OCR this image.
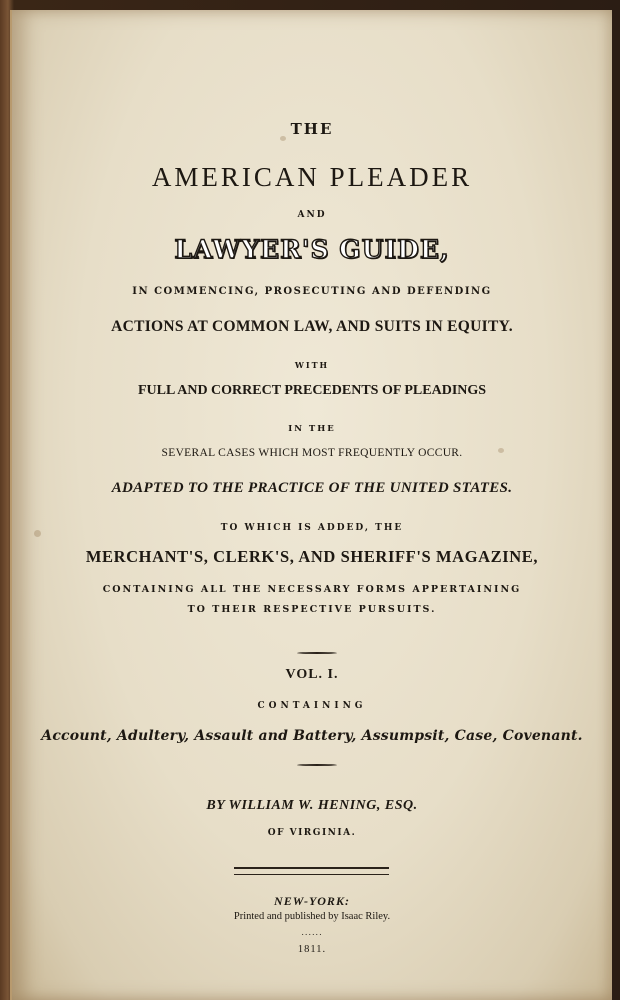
THE
AMERICAN PLEADER
AND
LAWYER'S GUIDE,
IN COMMENCING, PROSECUTING AND DEFENDING
ACTIONS AT COMMON LAW, AND SUITS IN EQUITY.
WITH
FULL AND CORRECT PRECEDENTS OF PLEADINGS
IN THE
SEVERAL CASES WHICH MOST FREQUENTLY OCCUR.
ADAPTED TO THE PRACTICE OF THE UNITED STATES.
TO WHICH IS ADDED, THE
MERCHANT'S, CLERK'S, AND SHERIFF'S MAGAZINE,
CONTAINING ALL THE NECESSARY FORMS APPERTAINING
TO THEIR RESPECTIVE PURSUITS.
VOL. I.
CONTAINING
Account, Adultery, Assault and Battery, Assumpsit, Case, Covenant.
BY WILLIAM W. HENING, ESQ.
OF VIRGINIA.
NEW-YORK:
Printed and published by Isaac Riley.
......
1811.
